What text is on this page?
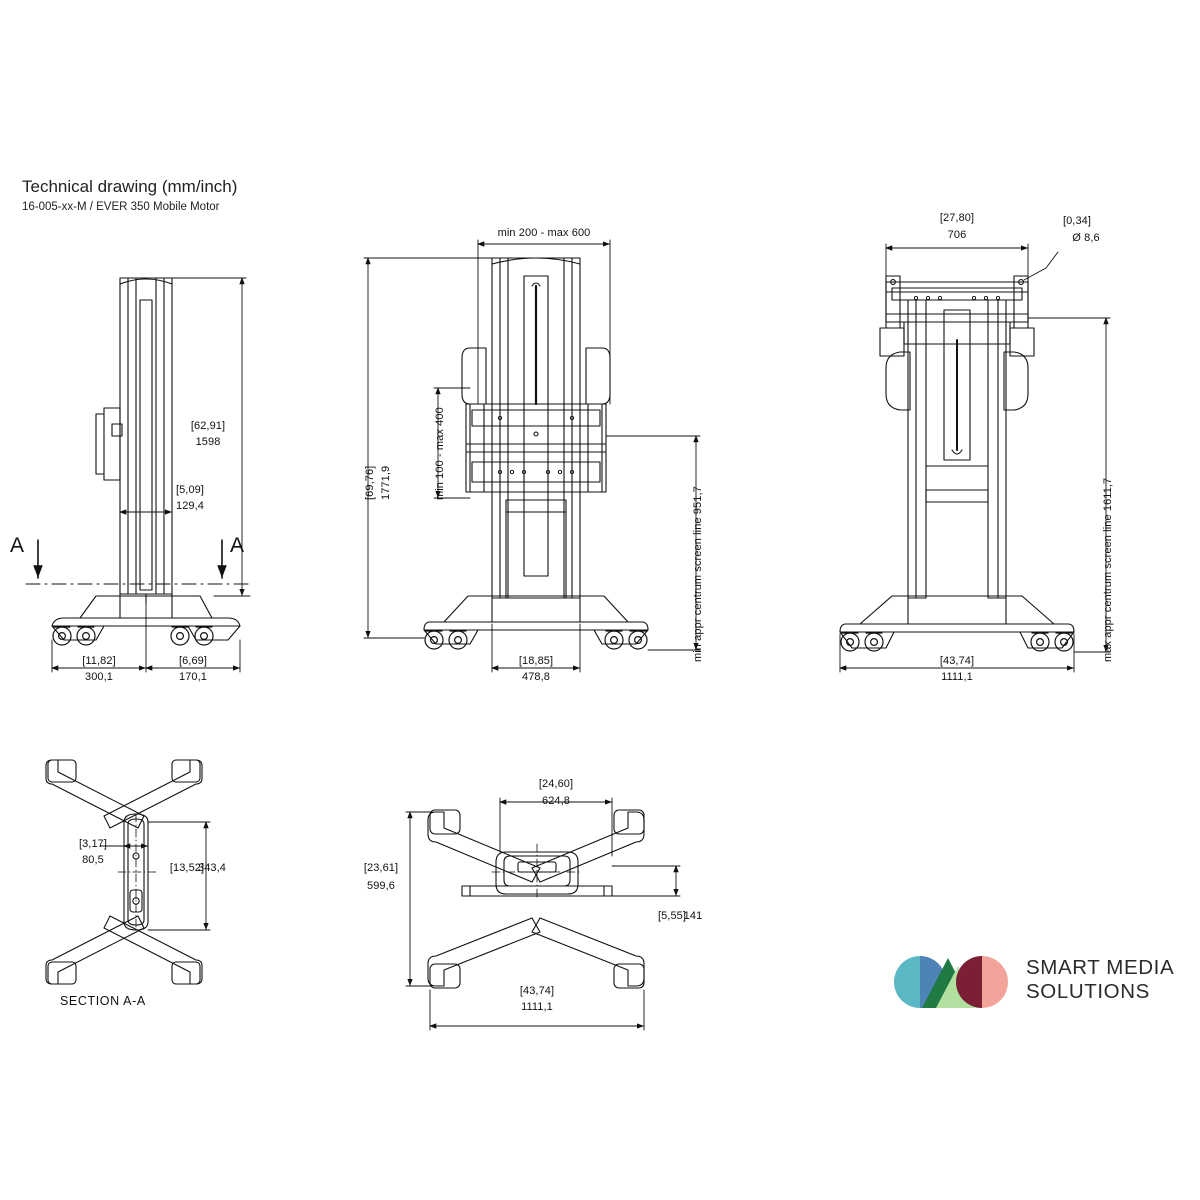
Technical drawing (mm/inch)
16-005-xx-M / EVER 350 Mobile Motor
A	A
[62,91]
1598
[5,09]
129,4
[11,82]
300,1
[6,69]
170,1
SECTION A-A
min 200 - max 600
min 100 - max 400
[69,76] 1771,9
min appr centrum screen line 951,7
[18,85]
478,8
[27,80]
706
[0,34]
Ø 8,6
max appr centrum screen line 1611,7
[43,74]
1111,1
[3,17]
80,5
[13,52]
343,4
[24,60]
624,8
[23,61]
599,6
[5,55]
141
[43,74]
1111,1
SMART MEDIA
SOLUTIONS
